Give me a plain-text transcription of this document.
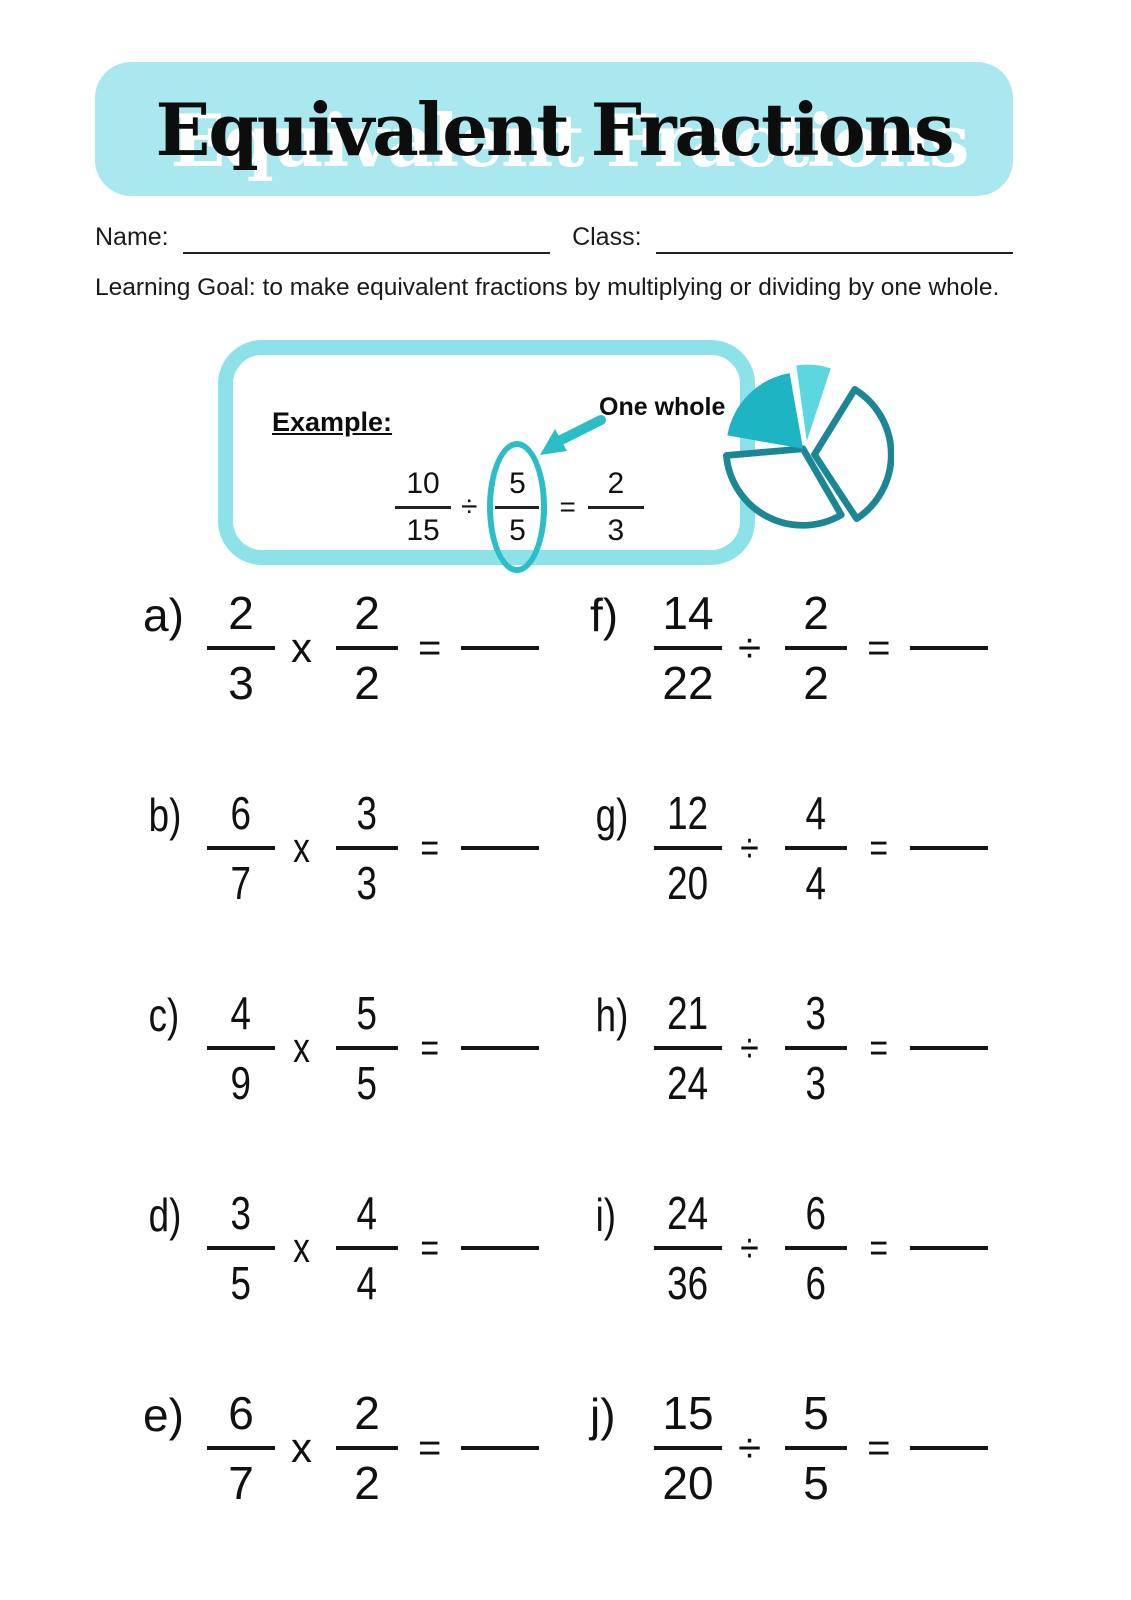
Equivalent Fractions
Name:	Class:

Learning Goal: to make equivalent fractions by multiplying or dividing by one whole.

Example:
10
15
÷
5
5
=
2
3
One whole
$a) \frac{2}{3}$ x $\frac{2}{2}$ =
$b) \frac{6}{7}$ x $\frac{3}{3}$ =
$c) \frac{4}{9}$ x $\frac{5}{5}$ =
$d) \frac{3}{5}$ x $\frac{4}{4}$ =
$e) \frac{6}{7}$ x $\frac{2}{2}$ =
$f) \frac{14}{22} \div \frac{2}{2}$ =
$g) \frac{12}{20} \div \frac{4}{4}$ =
$h) \frac{21}{24} \div \frac{3}{3}$ =
$i) \frac{24}{36} \div \frac{6}{6}$ =
$j) \frac{15}{20} \div \frac{5}{5}$ =
